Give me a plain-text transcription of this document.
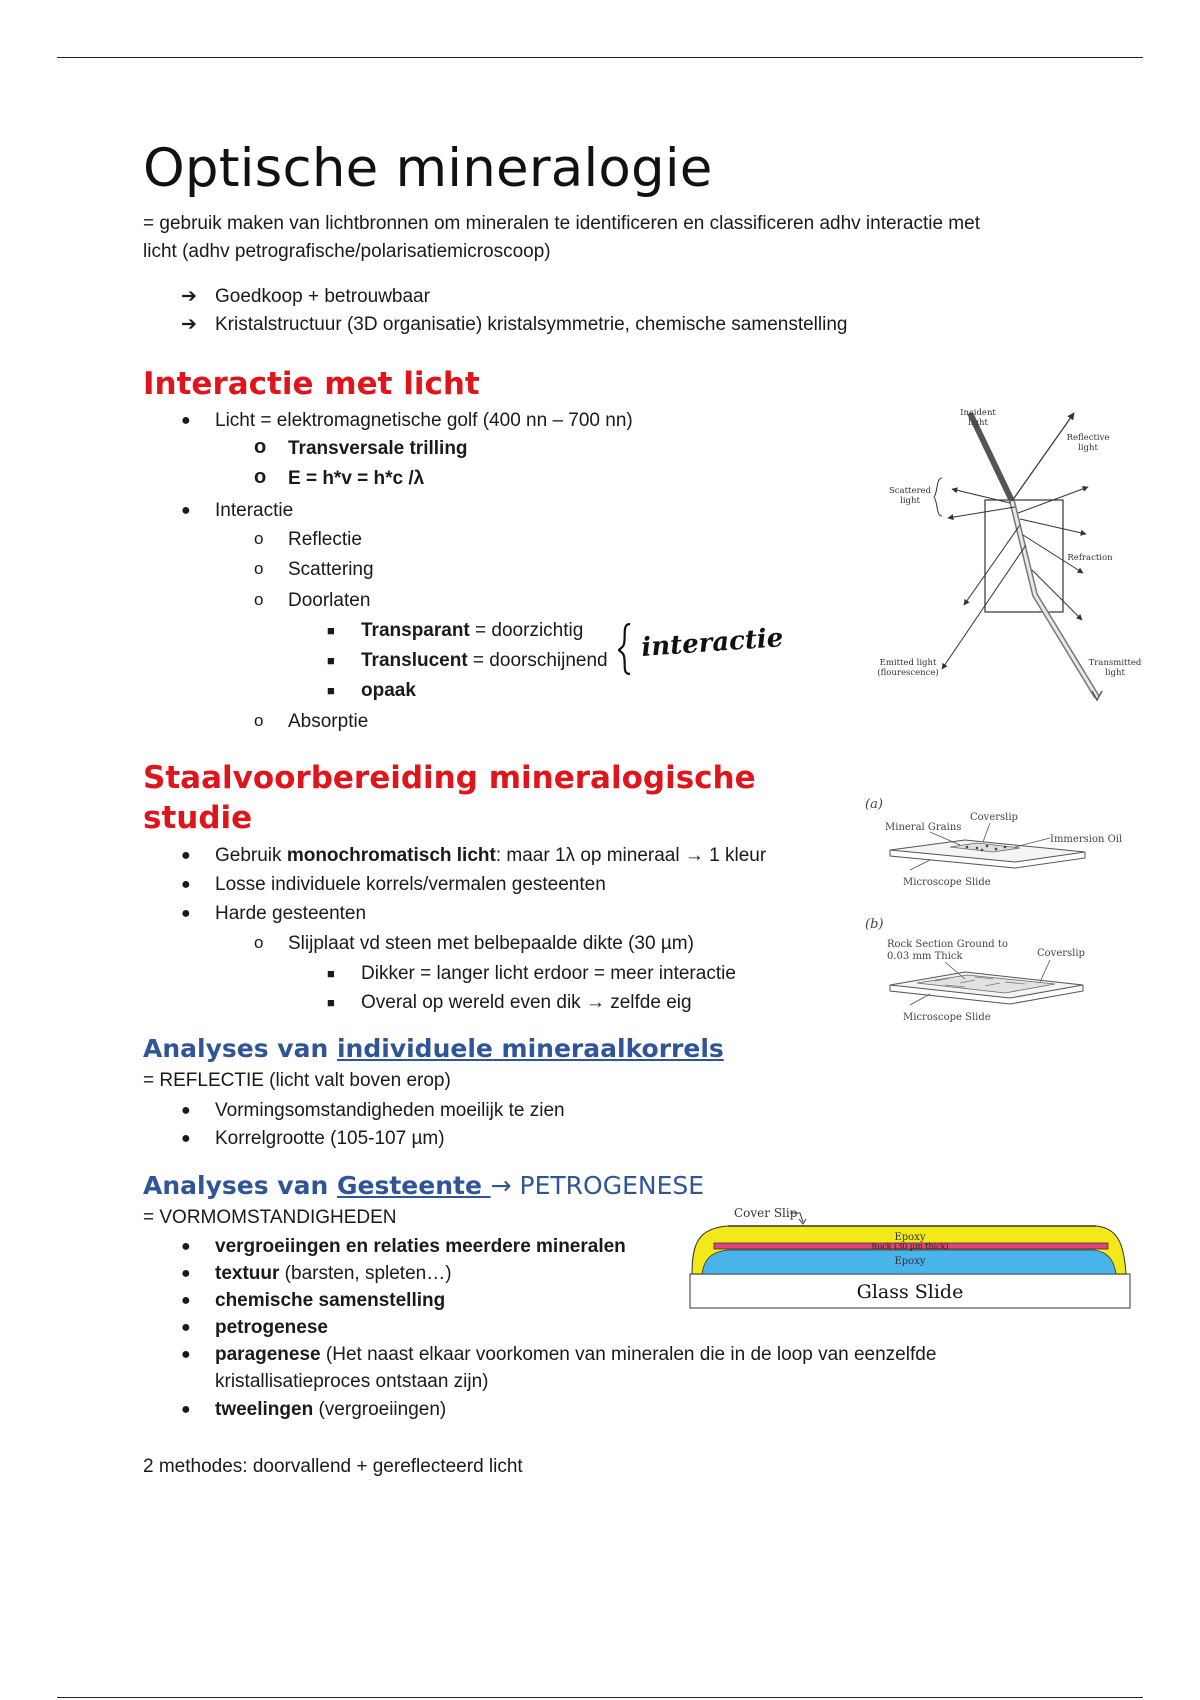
Optische mineralogie
= gebruik maken van lichtbronnen om mineralen te identificeren en classificeren adhv interactie met
licht (adhv petrografische/polarisatiemicroscoop)
➔ Goedkoop + betrouwbaar
➔ Kristalstructuur (3D organisatie) kristalsymmetrie, chemische samenstelling
Interactie met licht
● Licht = elektromagnetische golf (400 nn – 700 nn)
o Transversale trilling
o E = h*v = h*c /λ
● Interactie
o Reflectie
o Scattering
o Doorlaten
■ Transparant = doorzichtig
■ Translucent = doorschijnend
■ opaak
o Absorptie
interactie
Incident light
Reflective light
Scattered light
Refraction
Emitted light (flourescence)
Transmitted light
Staalvoorbereiding mineralogische
studie
● Gebruik monochromatisch licht: maar 1λ op mineraal → 1 kleur
● Losse individuele korrels/vermalen gesteenten
● Harde gesteenten
o Slijplaat vd steen met belbepaalde dikte (30 µm)
■ Dikker = langer licht erdoor = meer interactie
■ Overal op wereld even dik → zelfde eig
(a)
Mineral Grains
Coverslip
Immersion Oil
Microscope Slide
(b)
Rock Section Ground to 0.03 mm Thick	Coverslip
Microscope Slide
Analyses van individuele mineraalkorrels
= REFLECTIE (licht valt boven erop)
● Vormingsomstandigheden moeilijk te zien
● Korrelgrootte (105-107 µm)
Analyses van Gesteente → PETROGENESE
= VORMOMSTANDIGHEDEN
● vergroeiingen en relaties meerdere mineralen
● textuur (barsten, spleten…)
● chemische samenstelling
● petrogenese
● paragenese (Het naast elkaar voorkomen van mineralen die in de loop van eenzelfde
kristallisatieproces ontstaan zijn)
● tweelingen (vergroeiingen)
Cover Slip
Glass Slide
Epoxy
Rock (30 µm thick)
Epoxy
2 methodes: doorvallend + gereflecteerd licht
